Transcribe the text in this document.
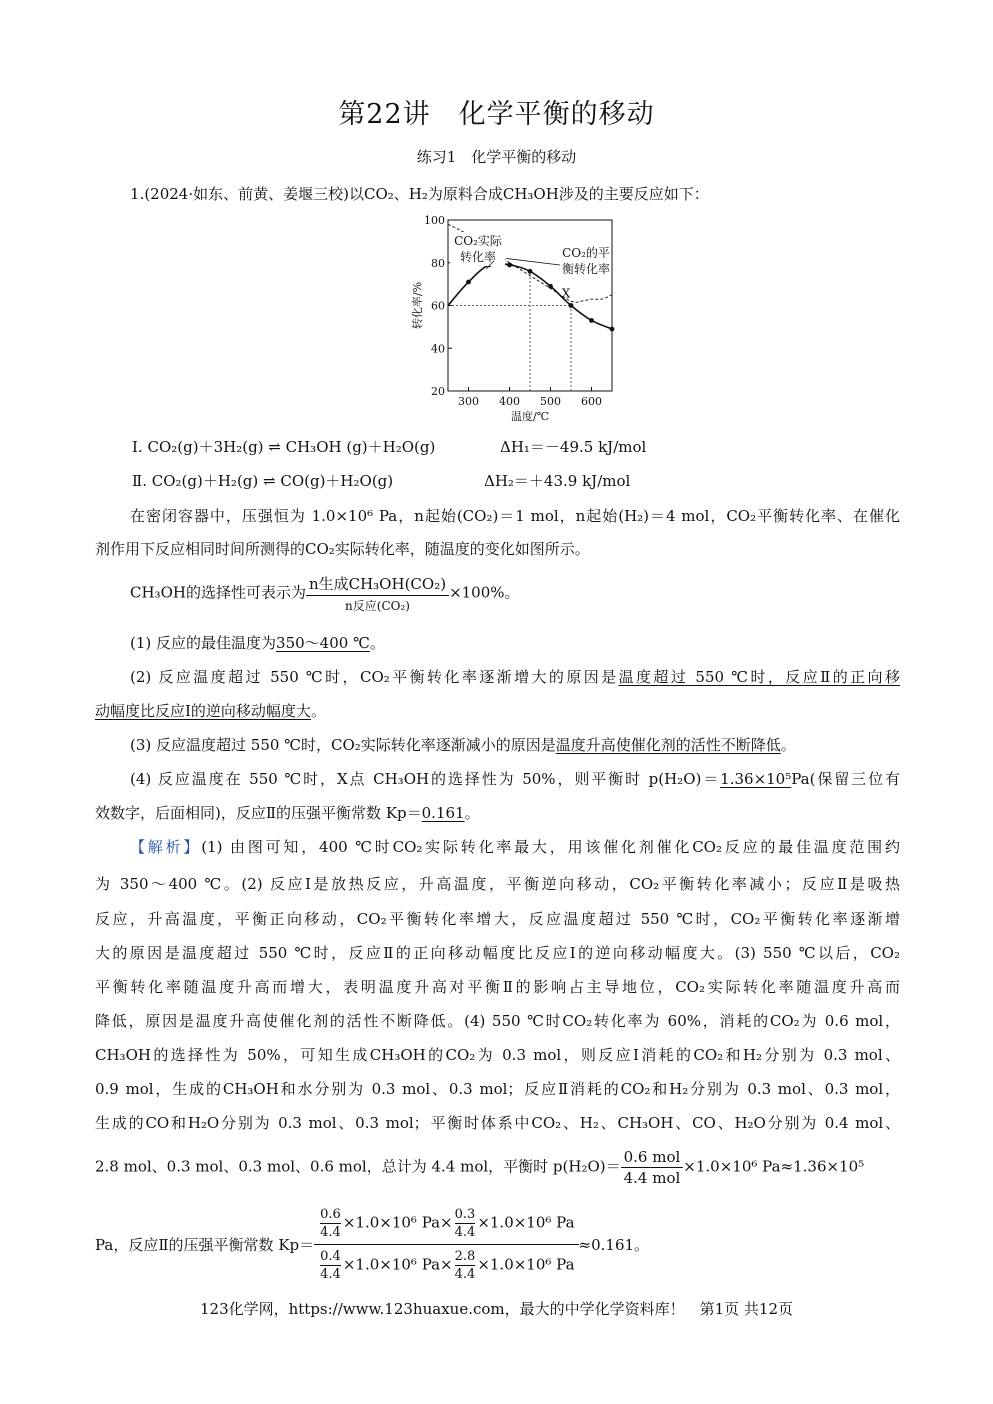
第22讲　化学平衡的移动
练习1　化学平衡的移动
1.(2024·如东、前黄、姜堰三校)以CO₂、H₂为原料合成CH₃OH涉及的主要反应如下：
20
40
60
80
100
300 400 500 600
温度/℃
转化率/%
CO₂实际
转化率	CO₂的平
衡转化率
X
Ⅰ. CO₂(g)＋3H₂(g) ⇌ CH₃OH (g)＋H₂O(g)	ΔH₁＝－49.5 kJ/mol
Ⅱ. CO₂(g)＋H₂(g) ⇌ CO(g)＋H₂O(g)	ΔH₂＝＋43.9 kJ/mol
在密闭容器中，压强恒为 1.0×10⁶ Pa，n起始(CO₂)＝1 mol，n起始(H₂)＝4 mol，CO₂平衡转化率、在催化
剂作用下反应相同时间所测得的CO₂实际转化率，随温度的变化如图所示。
CH₃OH的选择性可表示为 $\frac{\text{n生成CH₃OH(CO₂)}}{\text{n反应(CO₂)}} \times 100\%$。
(1) 反应的最佳温度为350～400 ℃。
(2) 反应温度超过 550 ℃时，CO₂平衡转化率逐渐增大的原因是温度超过 550 ℃时，反应Ⅱ的正向移
动幅度比反应Ⅰ的逆向移动幅度大。
(3) 反应温度超过 550 ℃时，CO₂实际转化率逐渐减小的原因是温度升高使催化剂的活性不断降低。
(4) 反应温度在 550 ℃时，X点 CH₃OH的选择性为 50%，则平衡时 p(H₂O)＝1.36×10⁵Pa(保留三位有
效数字，后面相同)，反应Ⅱ的压强平衡常数 Kp＝0.161。
【解析】(1) 由图可知，400 ℃时CO₂实际转化率最大，用该催化剂催化CO₂反应的最佳温度范围约
为 350～400 ℃。(2) 反应Ⅰ是放热反应，升高温度，平衡逆向移动，CO₂平衡转化率减小；反应Ⅱ是吸热
反应，升高温度，平衡正向移动，CO₂平衡转化率增大，反应温度超过 550 ℃时，CO₂平衡转化率逐渐增
大的原因是温度超过 550 ℃时，反应Ⅱ的正向移动幅度比反应Ⅰ的逆向移动幅度大。(3) 550 ℃以后，CO₂
平衡转化率随温度升高而增大，表明温度升高对平衡Ⅱ的影响占主导地位，CO₂实际转化率随温度升高而
降低，原因是温度升高使催化剂的活性不断降低。(4) 550 ℃时CO₂转化率为 60%，消耗的CO₂为 0.6 mol，
CH₃OH的选择性为 50%，可知生成CH₃OH的CO₂为 0.3 mol，则反应Ⅰ消耗的CO₂和H₂分别为 0.3 mol、
0.9 mol，生成的CH₃OH和水分别为 0.3 mol、0.3 mol；反应Ⅱ消耗的CO₂和H₂分别为 0.3 mol、0.3 mol，
生成的CO和H₂O分别为 0.3 mol、0.3 mol；平衡时体系中CO₂、H₂、CH₃OH、CO、H₂O分别为 0.4 mol、
2.8 mol、0.3 mol、0.3 mol、0.6 mol，总计为 4.4 mol，平衡时 $p(H_2O)= \frac{\text{0.6 mol}}{\text{4.4 mol}} \times 1.0\times 10^6$ Pa≈1.36×10⁵
Pa，反应Ⅱ的压强平衡常数 $Kp= \frac{\frac{0.6}{4.4} \times 1.0\times 10^6 Pa\times \frac{0.3}{4.4} \times 1.0\times 10^6 Pa}{\frac{0.4}{4.4} \times 1.0\times 10^6 Pa\times \frac{2.8}{4.4} \times 1.0\times 10^6 Pa} \approx 0.161$。
123化学网，https://www.123huaxue.com，最大的中学化学资料库！　第1页 共12页
